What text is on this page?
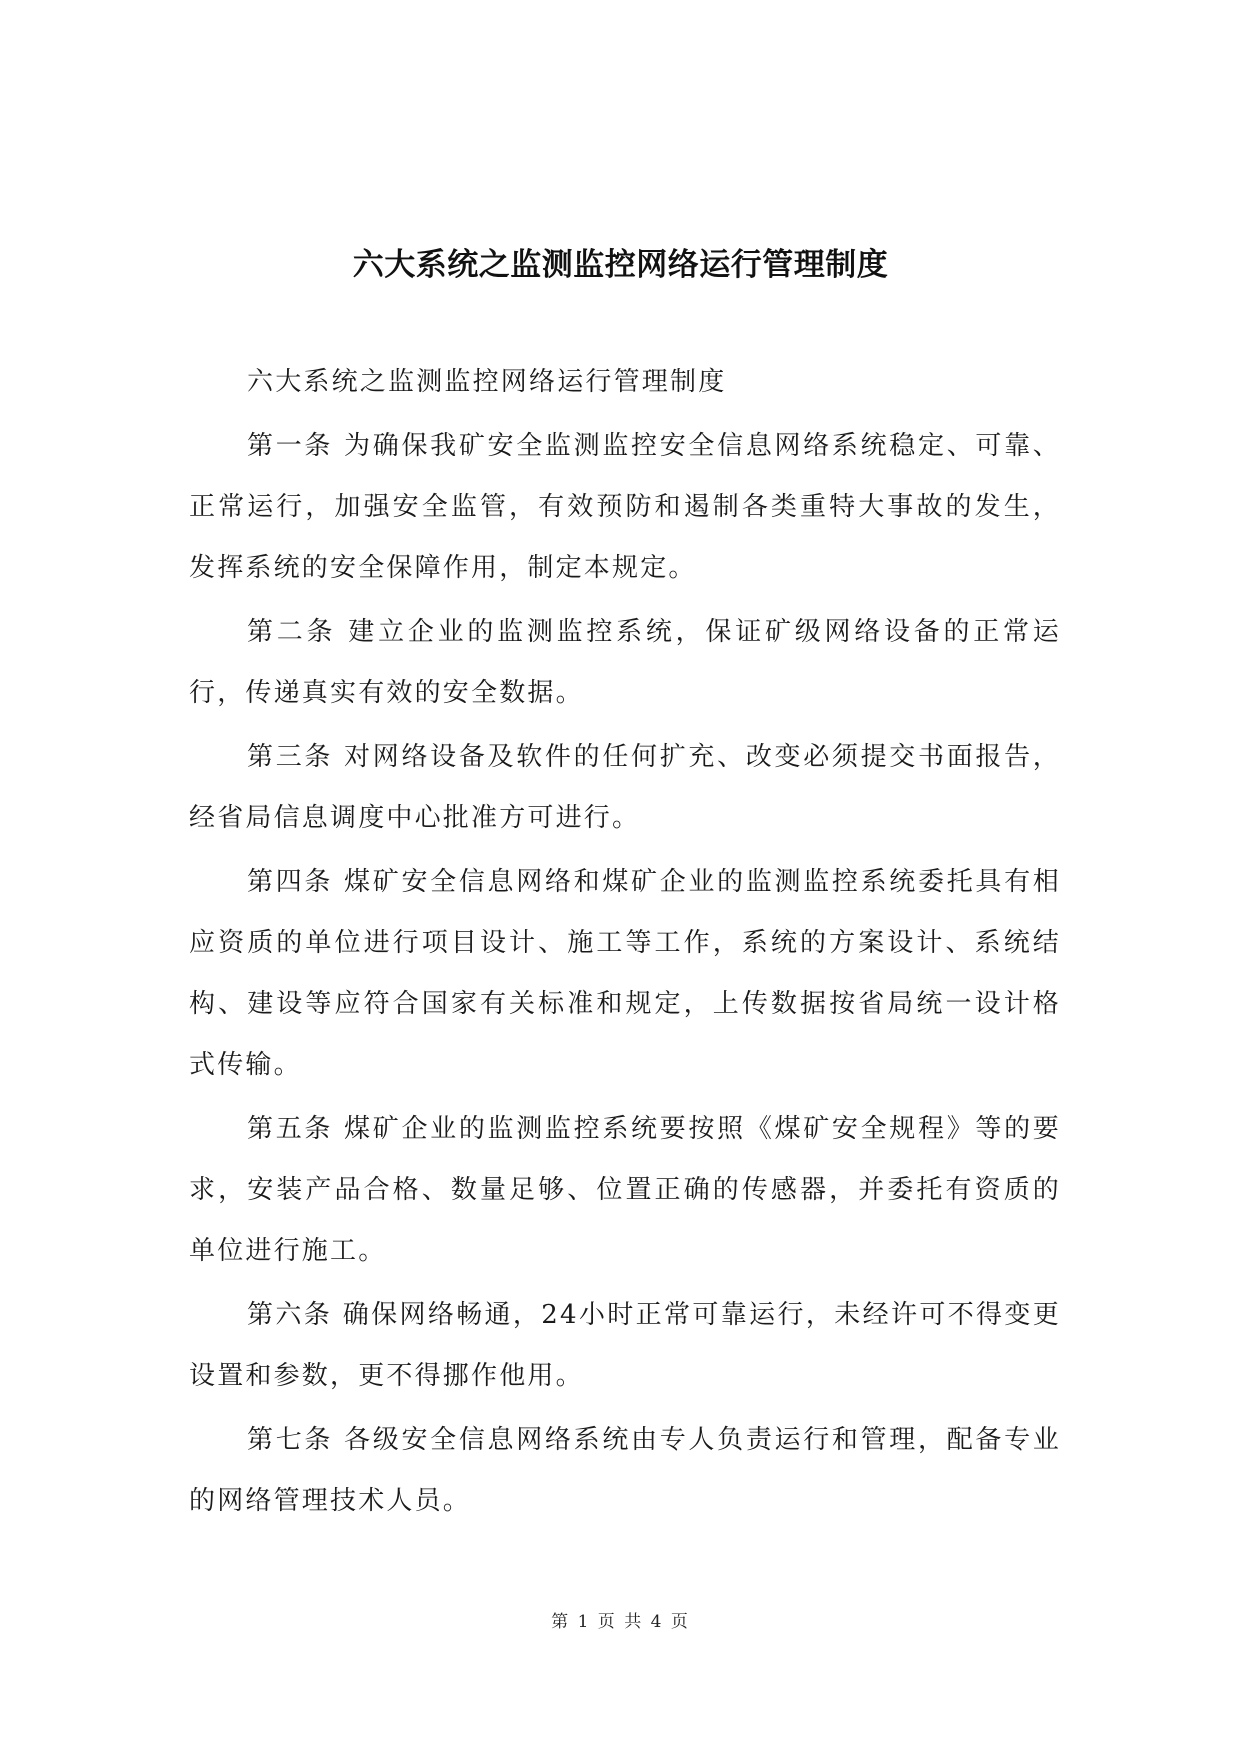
六大系统之监测监控网络运行管理制度

六大系统之监测监控网络运行管理制度

第一条 为确保我矿安全监测监控安全信息网络系统稳定、可靠、正常运行，加强安全监管，有效预防和遏制各类重特大事故的发生，发挥系统的安全保障作用，制定本规定。

第二条 建立企业的监测监控系统，保证矿级网络设备的正常运行，传递真实有效的安全数据。

第三条 对网络设备及软件的任何扩充、改变必须提交书面报告，经省局信息调度中心批准方可进行。

第四条 煤矿安全信息网络和煤矿企业的监测监控系统委托具有相应资质的单位进行项目设计、施工等工作，系统的方案设计、系统结构、建设等应符合国家有关标准和规定，上传数据按省局统一设计格式传输。

第五条 煤矿企业的监测监控系统要按照《煤矿安全规程》等的要求，安装产品合格、数量足够、位置正确的传感器，并委托有资质的单位进行施工。

第六条 确保网络畅通，24小时正常可靠运行，未经许可不得变更设置和参数，更不得挪作他用。

第七条 各级安全信息网络系统由专人负责运行和管理，配备专业的网络管理技术人员。

第 1 页 共 4 页
